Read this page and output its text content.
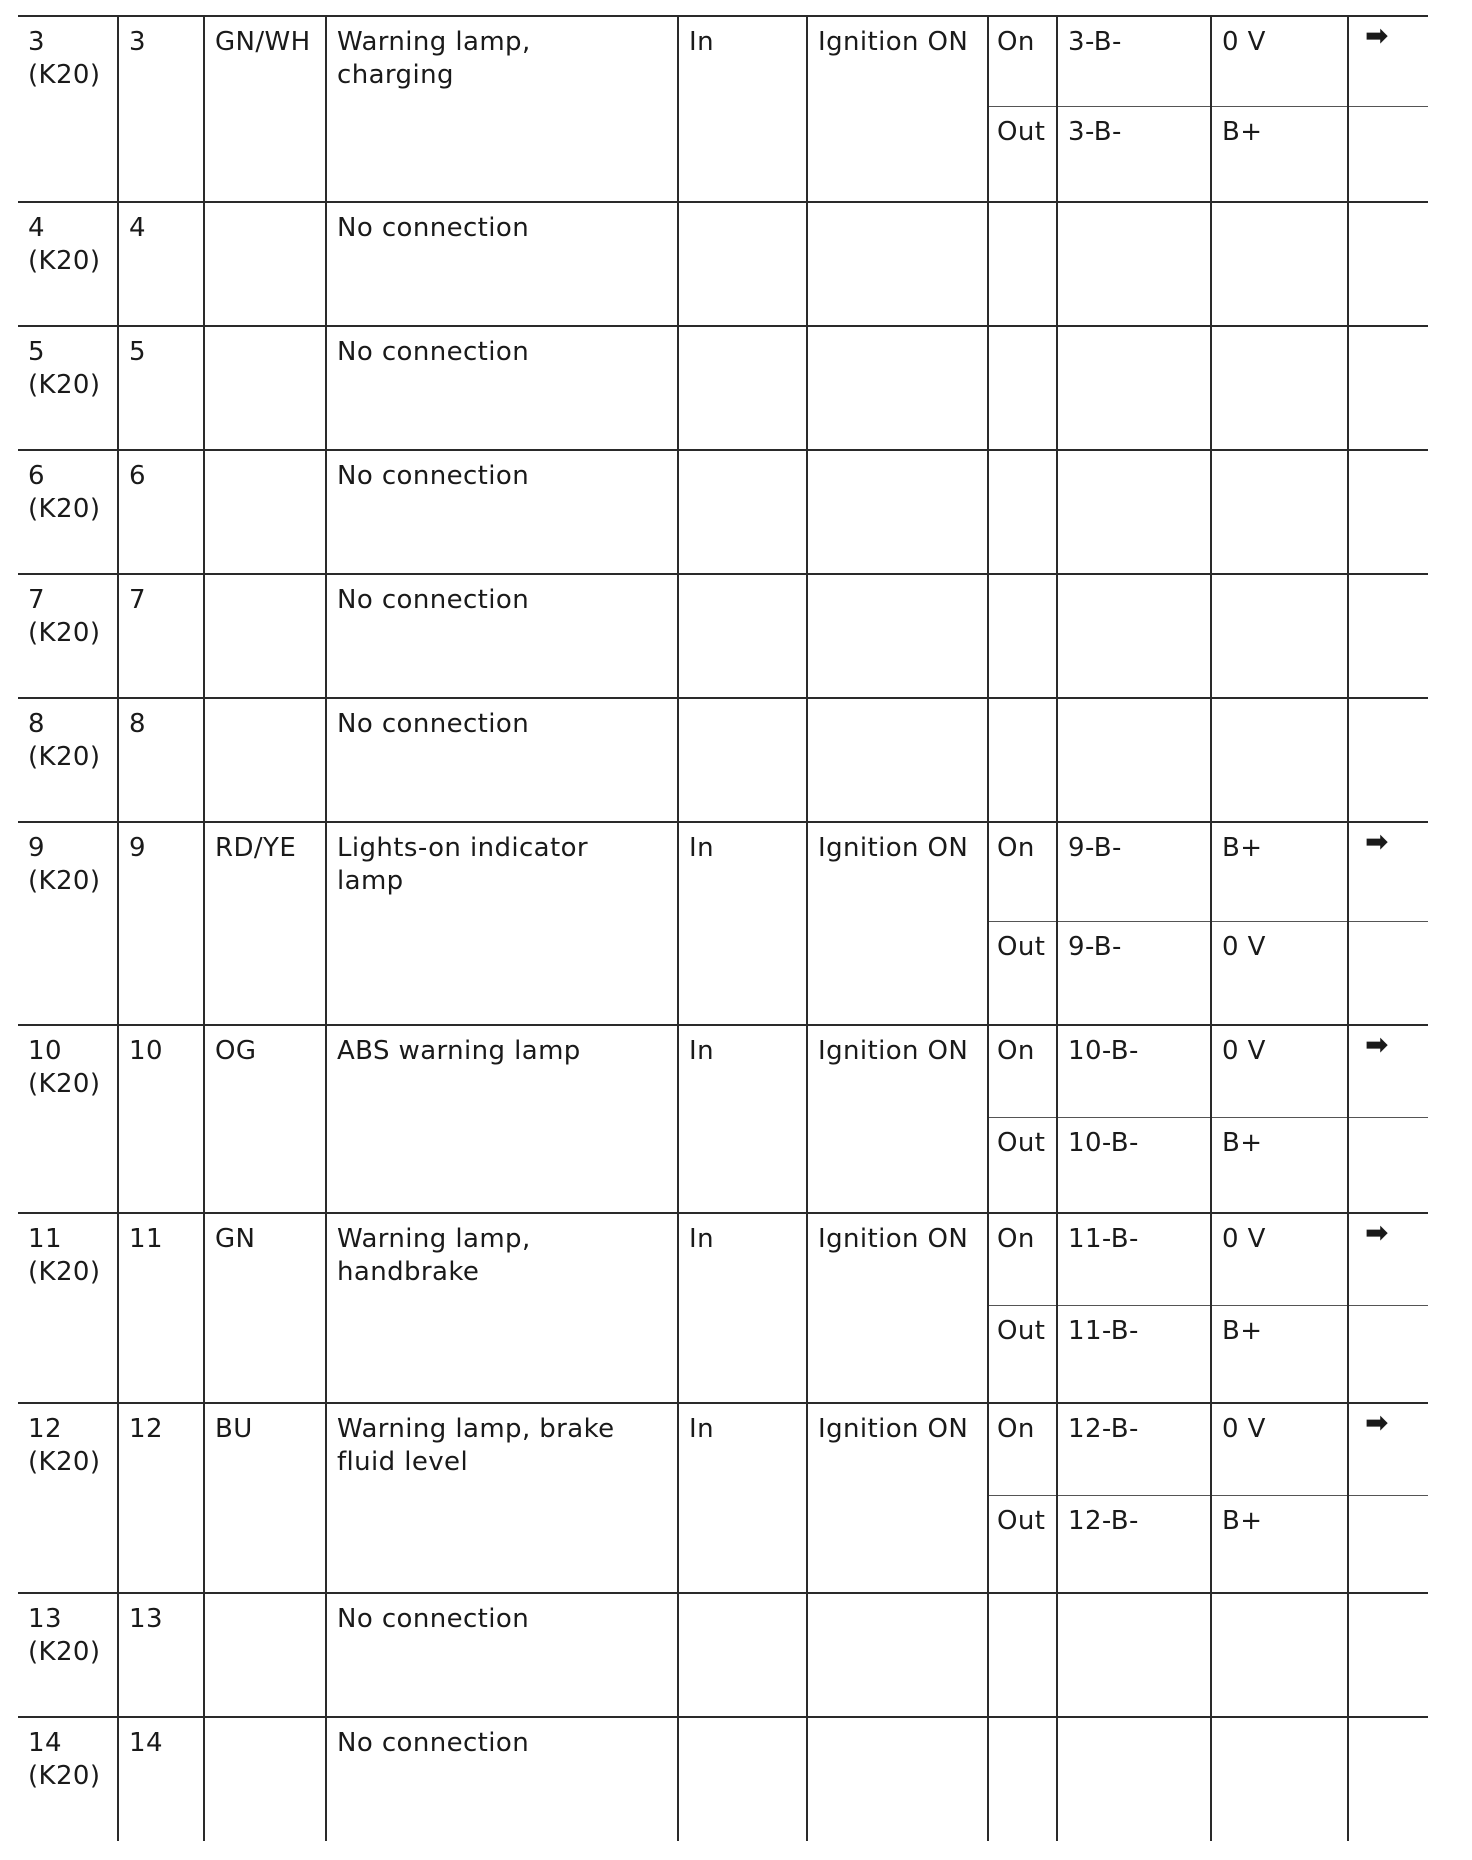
3
(K20)	3	GN/WH	Warning lamp,
charging	In	Ignition ON	On	3-B-	0 V	➡

						Out	3-B-	B+	

4
(K20)	4		No connection						

5
(K20)	5		No connection						

6
(K20)	6		No connection						

7
(K20)	7		No connection						

8
(K20)	8		No connection						

9
(K20)	9	RD/YE	Lights-on indicator
lamp	In	Ignition ON	On	9-B-	B+	➡

						Out	9-B-	0 V	

10
(K20)	10	OG	ABS warning lamp	In	Ignition ON	On	10-B-	0 V	➡

						Out	10-B-	B+	

11
(K20)	11	GN	Warning lamp,
handbrake	In	Ignition ON	On	11-B-	0 V	➡

						Out	11-B-	B+	

12
(K20)	12	BU	Warning lamp, brake
fluid level	In	Ignition ON	On	12-B-	0 V	➡

						Out	12-B-	B+	

13
(K20)	13		No connection						

14
(K20)	14		No connection						
